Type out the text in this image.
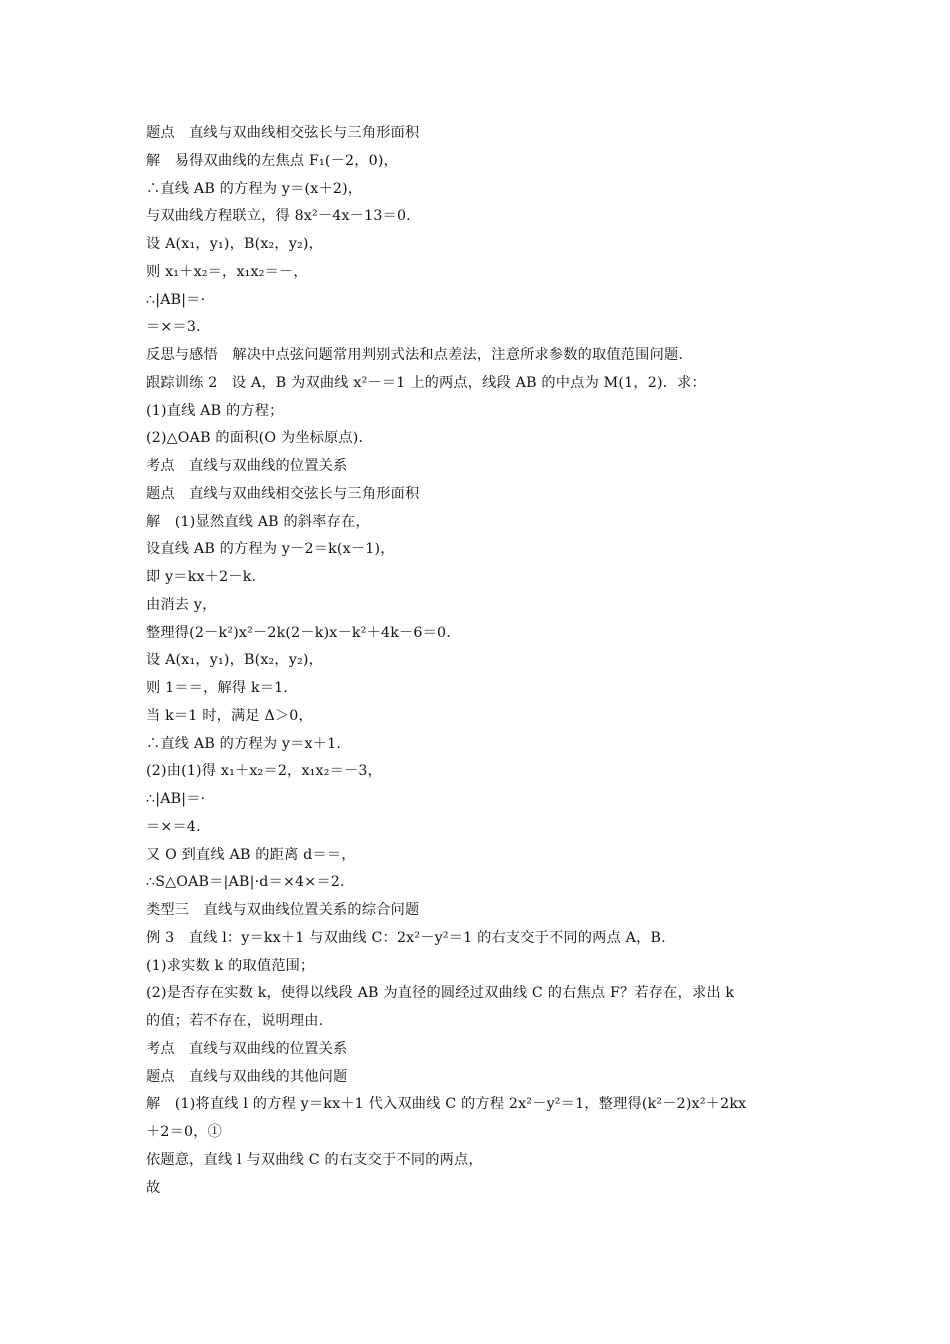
题点　直线与双曲线相交弦长与三角形面积
解　易得双曲线的左焦点 F₁(－2，0)，
∴直线 AB 的方程为 y＝(x＋2)，
与双曲线方程联立，得 8x²－4x－13＝0.
设 A(x₁，y₁)，B(x₂，y₂)，
则 x₁＋x₂＝，x₁x₂＝－，
∴|AB|＝·
＝×＝3.
反思与感悟　解决中点弦问题常用判别式法和点差法，注意所求参数的取值范围问题.
跟踪训练 2　设 A，B 为双曲线 x²－＝1 上的两点，线段 AB 的中点为 M(1，2)．求：
(1)直线 AB 的方程；
(2)△OAB 的面积(O 为坐标原点)．
考点　直线与双曲线的位置关系
题点　直线与双曲线相交弦长与三角形面积
解　(1)显然直线 AB 的斜率存在，
设直线 AB 的方程为 y－2＝k(x－1)，
即 y＝kx＋2－k.
由消去 y，
整理得(2－k²)x²－2k(2－k)x－k²＋4k－6＝0.
设 A(x₁，y₁)，B(x₂，y₂)，
则 1＝＝，解得 k＝1.
当 k＝1 时，满足 Δ＞0，
∴直线 AB 的方程为 y＝x＋1.
(2)由(1)得 x₁＋x₂＝2，x₁x₂＝－3，
∴|AB|＝·
＝×＝4.
又 O 到直线 AB 的距离 d＝＝，
∴S△OAB＝|AB|·d＝×4×＝2.
类型三　直线与双曲线位置关系的综合问题
例 3　直线 l：y＝kx＋1 与双曲线 C：2x²－y²＝1 的右支交于不同的两点 A，B.
(1)求实数 k 的取值范围；
(2)是否存在实数 k，使得以线段 AB 为直径的圆经过双曲线 C 的右焦点 F？若存在，求出 k
的值；若不存在，说明理由.
考点　直线与双曲线的位置关系
题点　直线与双曲线的其他问题
解　(1)将直线 l 的方程 y＝kx＋1 代入双曲线 C 的方程 2x²－y²＝1，整理得(k²－2)x²＋2kx
＋2＝0，①
依题意，直线 l 与双曲线 C 的右支交于不同的两点，
故
